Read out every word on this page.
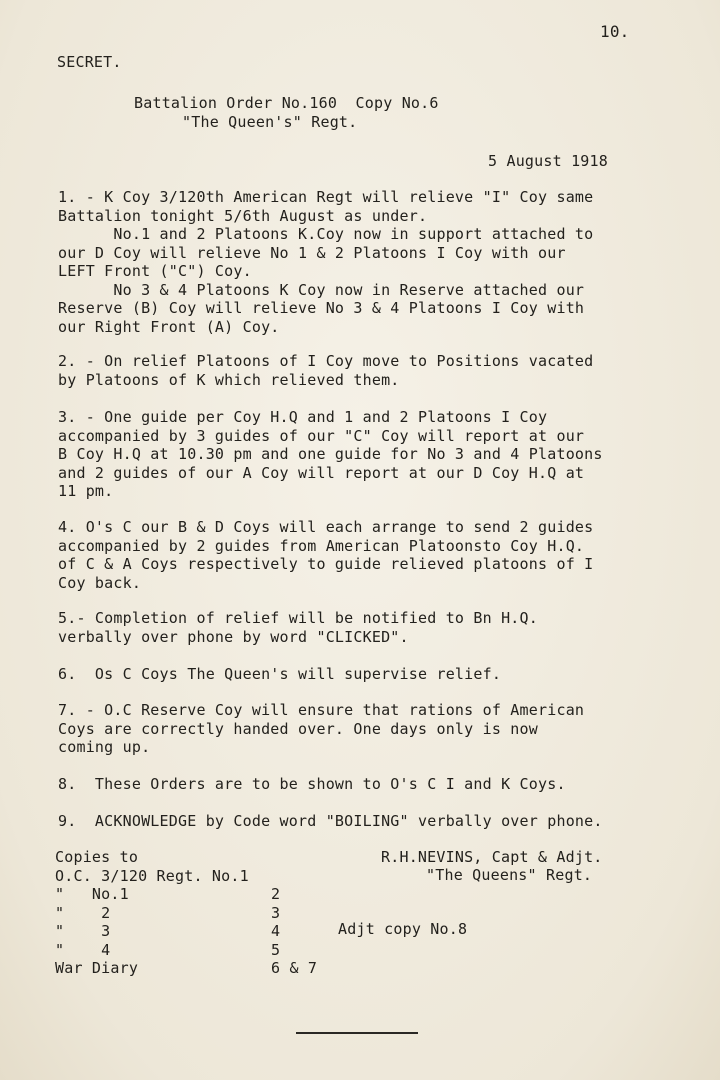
10.
SECRET.
Battalion Order No.160  Copy No.6
"The Queen's" Regt.
5 August 1918

1. - K Coy 3/120th American Regt will relieve "I" Coy same
Battalion tonight 5/6th August as under.
No.1 and 2 Platoons K.Coy now in support attached to
our D Coy will relieve No 1 & 2 Platoons I Coy with our
LEFT Front ("C") Coy.
No 3 & 4 Platoons K Coy now in Reserve attached our
Reserve (B) Coy will relieve No 3 & 4 Platoons I Coy with
our Right Front (A) Coy.

2. - On relief Platoons of I Coy move to Positions vacated
by Platoons of K which relieved them.

3. - One guide per Coy H.Q and 1 and 2 Platoons I Coy
accompanied by 3 guides of our "C" Coy will report at our
B Coy H.Q at 10.30 pm and one guide for No 3 and 4 Platoons
and 2 guides of our A Coy will report at our D Coy H.Q at
11 pm.

4. O's C our B & D Coys will each arrange to send 2 guides
accompanied by 2 guides from American Platoonsto Coy H.Q.
of C & A Coys respectively to guide relieved platoons of I
Coy back.

5.- Completion of relief will be notified to Bn H.Q.
verbally over phone by word "CLICKED".

6.  Os C Coys The Queen's will supervise relief.

7. - O.C Reserve Coy will ensure that rations of American
Coys are correctly handed over. One days only is now
coming up.

8.  These Orders are to be shown to O's C I and K Coys.

9.  ACKNOWLEDGE by Code word "BOILING" verbally over phone.

Copies to
O.C. 3/120 Regt. No.1
"   No.1	2
"    2	3
"    3	4
"    4	5
War Diary	6 & 7
R.H.NEVINS, Capt & Adjt.
"The Queens" Regt.
Adjt copy No.8
